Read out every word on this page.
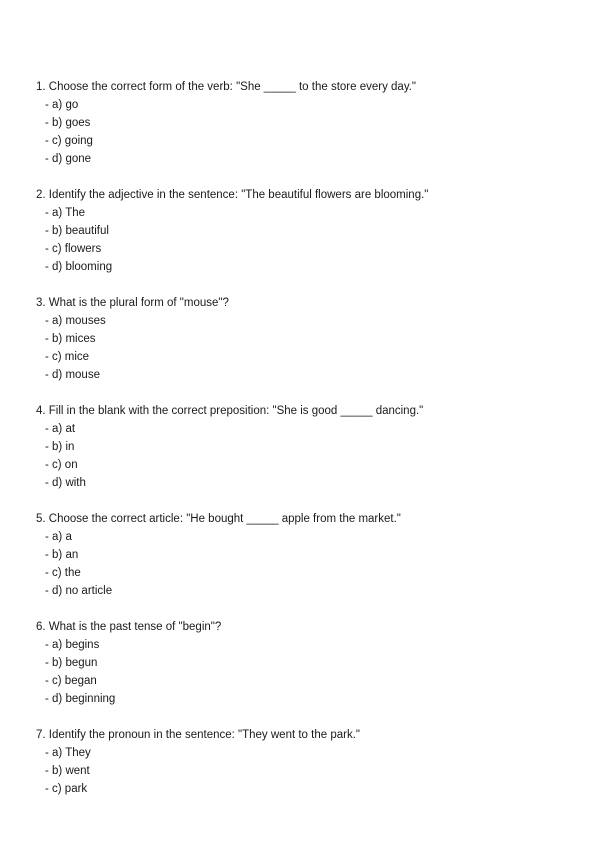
1. Choose the correct form of the verb: "She _____ to the store every day."
- a) go
- b) goes
- c) going
- d) gone
2. Identify the adjective in the sentence: "The beautiful flowers are blooming."
- a) The
- b) beautiful
- c) flowers
- d) blooming
3. What is the plural form of "mouse"?
- a) mouses
- b) mices
- c) mice
- d) mouse
4. Fill in the blank with the correct preposition: "She is good _____ dancing."
- a) at
- b) in
- c) on
- d) with
5. Choose the correct article: "He bought _____ apple from the market."
- a) a
- b) an
- c) the
- d) no article
6. What is the past tense of "begin"?
- a) begins
- b) begun
- c) began
- d) beginning
7. Identify the pronoun in the sentence: "They went to the park."
- a) They
- b) went
- c) park
